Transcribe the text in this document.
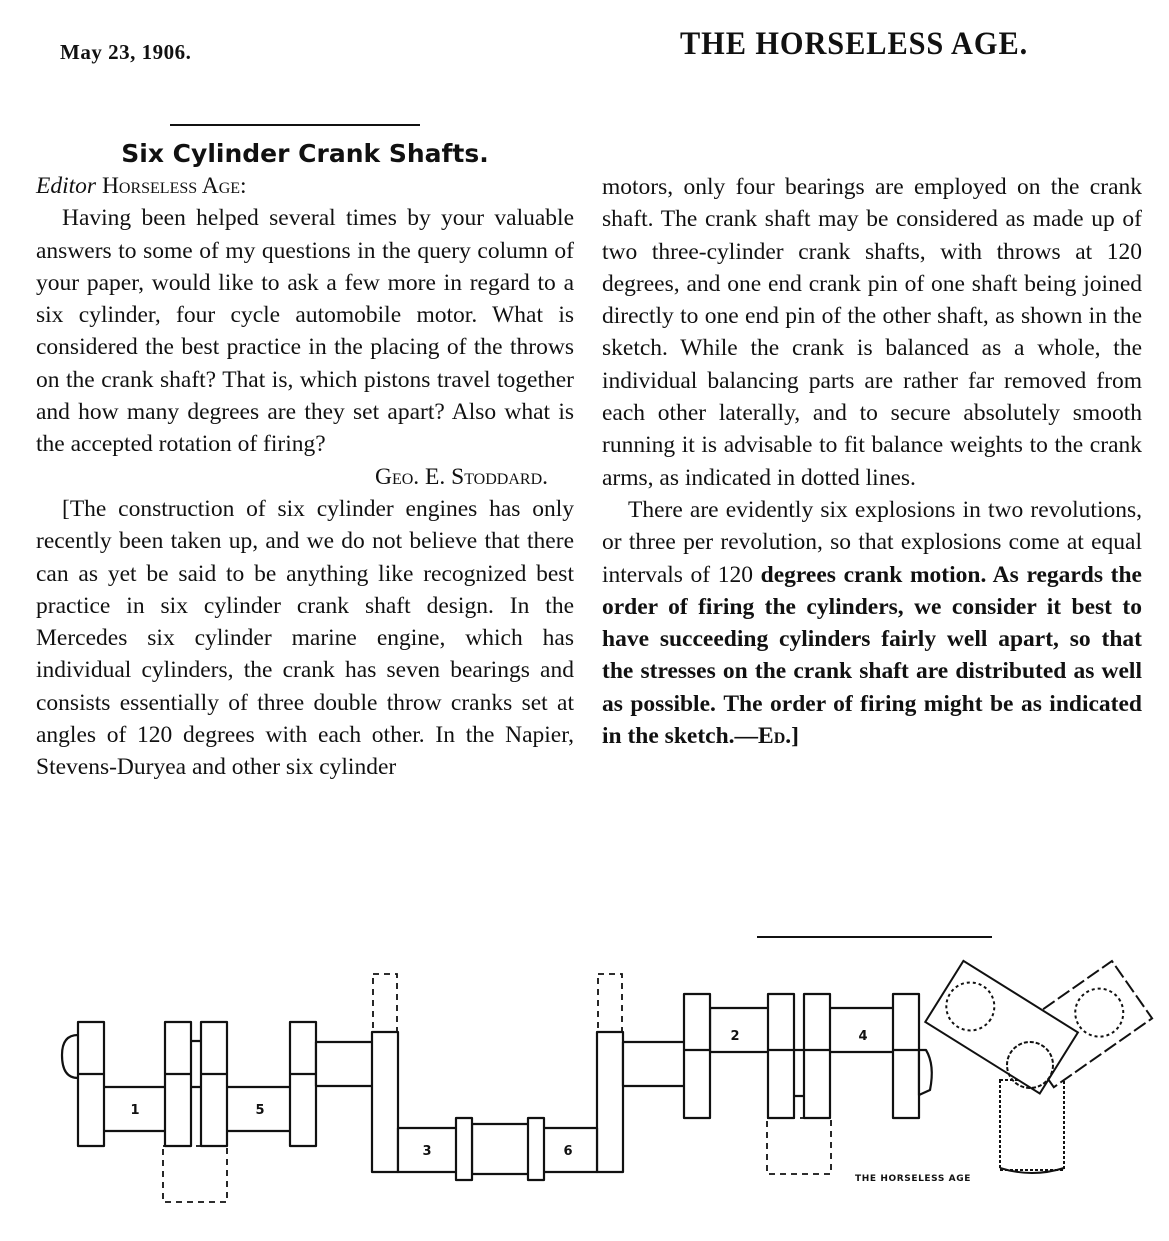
May 23, 1906.	THE HORSELESS AGE.
Six Cylinder Crank Shafts.

Editor Horseless Age:

Having been helped several times by your valuable answers to some of my questions in the query column of your paper, would like to ask a few more in regard to a six cylinder, four cycle automobile motor. What is considered the best practice in the placing of the throws on the crank shaft? That is, which pistons travel together and how many degrees are they set apart? Also what is the accepted rotation of firing?

Geo. E. Stoddard.

[The construction of six cylinder engines has only recently been taken up, and we do not believe that there can as yet be said to be anything like recognized best practice in six cylinder crank shaft design. In the Mercedes six cylinder marine engine, which has individual cylinders, the crank has seven bearings and consists essentially of three double throw cranks set at angles of 120 degrees with each other. In the Napier, Stevens-Duryea and other six cylinder

motors, only four bearings are employed on the crank shaft. The crank shaft may be considered as made up of two three-cylinder crank shafts, with throws at 120 degrees, and one end crank pin of one shaft being joined directly to one end pin of the other shaft, as shown in the sketch. While the crank is balanced as a whole, the individual balancing parts are rather far removed from each other laterally, and to secure absolutely smooth running it is advisable to fit balance weights to the crank arms, as indicated in dotted lines.

There are evidently six explosions in two revolutions, or three per revolution, so that explosions come at equal intervals of 120 degrees crank motion. As regards the order of firing the cylinders, we consider it best to have succeeding cylinders fairly well apart, so that the stresses on the crank shaft are distributed as well as possible. The order of firing might be as indicated in the sketch.—Ed.]

1	5
3	6
2	4
THE HORSELESS AGE
